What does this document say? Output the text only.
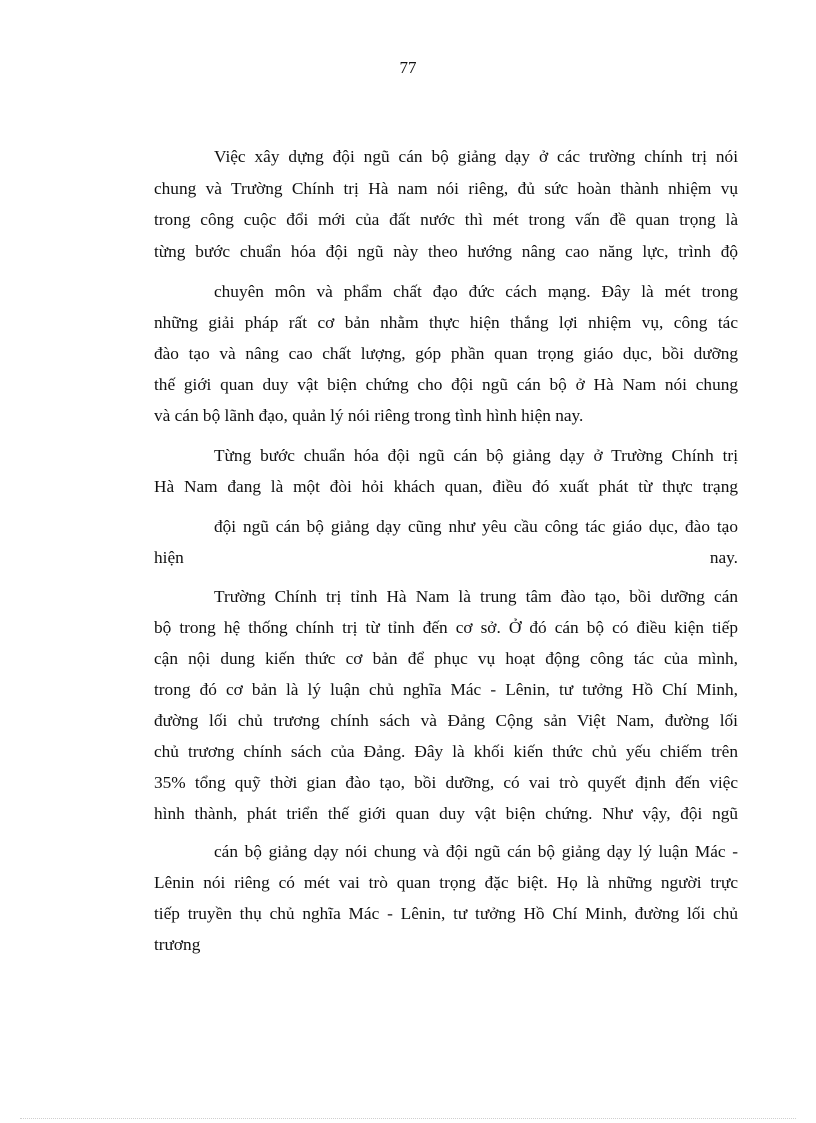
77
Việc xây dựng đội ngũ cán bộ giảng dạy ở các trường chính trị nói
chung và Trường Chính trị Hà nam nói riêng, đủ sức hoàn thành nhiệm vụ
trong công cuộc đổi mới của đất nước thì mét trong vấn đề quan trọng là
từng bước chuẩn hóa đội ngũ này theo hướng nâng cao năng lực, trình độ
chuyên môn và phẩm chất đạo đức cách mạng. Đây là mét trong
những giải pháp rất cơ bản nhằm thực hiện thắng lợi nhiệm vụ, công tác
đào tạo và nâng cao chất lượng, góp phần quan trọng giáo dục, bồi dưỡng
thế giới quan duy vật biện chứng cho đội ngũ cán bộ ở Hà Nam nói chung
và cán bộ lãnh đạo, quản lý nói riêng trong tình hình hiện nay.
Từng bước chuẩn hóa đội ngũ cán bộ giảng dạy ở Trường Chính trị
Hà Nam đang là một đòi hỏi khách quan, điều đó xuất phát từ thực trạng
đội ngũ cán bộ giảng dạy cũng như yêu cầu công tác giáo dục, đào tạo
hiện nay.
Trường Chính trị tỉnh Hà Nam là trung tâm đào tạo, bồi dưỡng cán
bộ trong hệ thống chính trị từ tỉnh đến cơ sở. Ở đó cán bộ có điều kiện tiếp
cận nội dung kiến thức cơ bản để phục vụ hoạt động công tác của mình,
trong đó cơ bản là lý luận chủ nghĩa Mác - Lênin, tư tưởng Hồ Chí Minh,
đường lối chủ trương chính sách và Đảng Cộng sản Việt Nam, đường lối
chủ trương chính sách của Đảng. Đây là khối kiến thức chủ yếu chiếm trên
35% tổng quỹ thời gian đào tạo, bồi dưỡng, có vai trò quyết định đến việc
hình thành, phát triển thế giới quan duy vật biện chứng. Như vậy, đội ngũ
cán bộ giảng dạy nói chung và đội ngũ cán bộ giảng dạy lý luận Mác -
Lênin nói riêng có mét vai trò quan trọng đặc biệt. Họ là những người trực
tiếp truyền thụ chủ nghĩa Mác - Lênin, tư tưởng Hồ Chí Minh, đường lối chủ
trương
